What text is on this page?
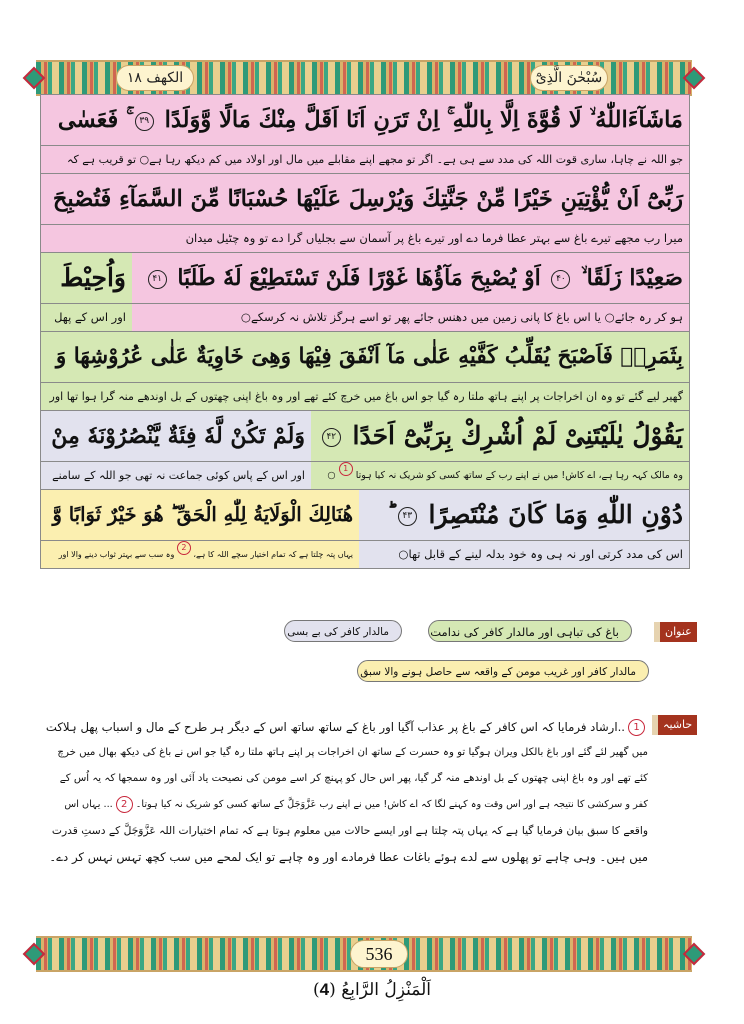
الکھف ۱۸	سُبْحٰنَ الَّذِیْٓ
مَاشَآءَاللّٰهُ ۙ لَا قُوَّةَ اِلَّا بِاللّٰهِ ۚ اِنْ تَرَنِ اَنَا اَقَلَّ مِنْكَ مَالًا وَّوَلَدًا ۳۹ ۚ فَعَسٰی
جو اللہ نے چاہا، ساری قوت اللہ کی مدد سے ہی ہے۔ اگر تو مجھے اپنے مقابلے میں مال اور اولاد میں کم دیکھ رہا ہے○ تو قریب ہے کہ
رَبِّیْٓ اَنْ یُّؤْتِیَنِ خَیْرًا مِّنْ جَنَّتِكَ وَیُرْسِلَ عَلَیْهَا حُسْبَانًا مِّنَ السَّمَآءِ فَتُصْبِحَ
میرا رب مجھے تیرے باغ سے بہتر عطا فرما دے اور تیرے باغ پر آسمان سے بجلیاں گرا دے تو وہ چٹیل میدان
صَعِیْدًا زَلَقًا ۙ ۴۰ اَوْ یُصْبِحَ مَآؤُهَا غَوْرًا فَلَنْ تَسْتَطِیْعَ لَهٗ طَلَبًا ۴۱
وَاُحِیْطَ
ہو کر رہ جائے○ یا اس باغ کا پانی زمین میں دھنس جائے پھر تو اسے ہرگز تلاش نہ کرسکے○
اور اس کے پھل
بِثَمَرِهٖ فَاَصْبَحَ یُقَلِّبُ كَفَّیْهِ عَلٰی مَآ اَنْفَقَ فِیْهَا وَهِیَ خَاوِیَةٌ عَلٰی عُرُوْشِهَا وَ
گھیر لیے گئے تو وہ ان اخراجات پر اپنے ہاتھ ملتا رہ گیا جو اس باغ میں خرچ کئے تھے اور وہ باغ اپنی چھتوں کے بل اوندھے منہ گرا ہوا تھا اور
یَقُوْلُ یٰلَیْتَنِیْ لَمْ اُشْرِكْ بِرَبِّیْٓ اَحَدًا ۴۲
وَلَمْ تَكُنْ لَّهٗ فِئَةٌ یَّنْصُرُوْنَهٗ مِنْ
وہ مالک کہہ رہا ہے، اے کاش! میں نے اپنے رب کے ساتھ کسی کو شریک نہ کیا ہوتا 1 ○
اور اس کے پاس کوئی جماعت نہ تھی جو اللہ کے سامنے
دُوْنِ اللّٰهِ وَمَا كَانَ مُنْتَصِرًا ۴۳
هُنَالِكَ الْوَلَایَةُ لِلّٰهِ الْحَقِّ ؕ هُوَ خَیْرٌ ثَوَابًا وَّ
اس کی مدد کرتی اور نہ ہی وہ خود بدلہ لینے کے قابل تھا○
یہاں پتہ چلتا ہے کہ تمام اختیار سچے اللہ کا ہے، 2 وہ سب سے بہتر ثواب دینے والا اور
عنوان
باغ کی تباہی اور مالدار کافر کی ندامت
مالدار کافر کی بے بسی
مالدار کافر اور غریب مومن کے واقعہ سے حاصل ہونے والا سبق
حاشیہ
1..ارشاد فرمایا کہ اس کافر کے باغ پر عذاب آگیا اور باغ کے ساتھ ساتھ اس کے دیگر ہر طرح کے مال و اسباب پھل ہلاکت
میں گھیر لئے گئے اور باغ بالکل ویران ہوگیا تو وہ حسرت کے ساتھ ان اخراجات پر اپنے ہاتھ ملتا رہ گیا جو اس نے باغ کی دیکھ بھال میں خرچ
کئے تھے اور وہ باغ اپنی چھتوں کے بل اوندھے منہ گر گیا، پھر اس حال کو پہنچ کر اسے مومن کی نصیحت یاد آئی اور وہ سمجھا کہ یہ اُس کے
کفر و سرکشی کا نتیجہ ہے اور اس وقت وہ کہنے لگا کہ اے کاش! میں نے اپنے رب عَزَّوَجَلَّ کے ساتھ کسی کو شریک نہ کیا ہوتا۔2... یہاں اس
واقعے کا سبق بیان فرمایا گیا ہے کہ یہاں پتہ چلتا ہے اور ایسے حالات میں معلوم ہوتا ہے کہ تمام اختیارات اللہ عَزَّوَجَلَّ کے دستِ قدرت
میں ہیں۔ وہی چاہے تو پھلوں سے لدے ہوئے باغات عطا فرمادے اور وہ چاہے تو ایک لمحے میں سب کچھ تہس نہس کر دے۔
536
اَلْمَنْزِلُ الرَّابِعُ (4)
